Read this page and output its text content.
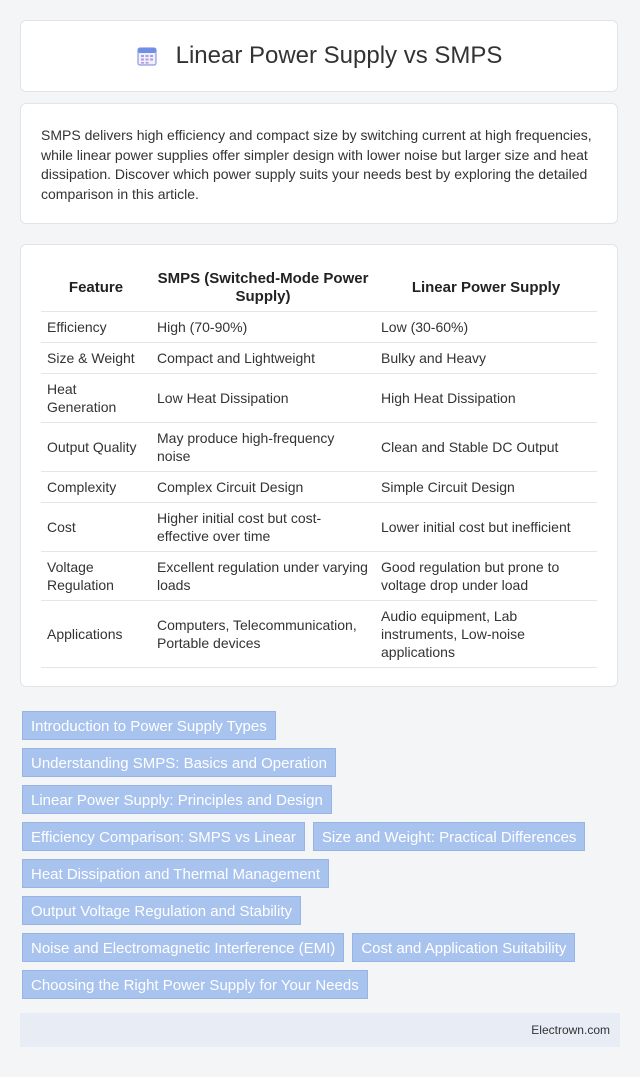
Linear Power Supply vs SMPS
SMPS delivers high efficiency and compact size by switching current at high frequencies, while linear power supplies offer simpler design with lower noise but larger size and heat dissipation. Discover which power supply suits your needs best by exploring the detailed comparison in this article.
Feature	SMPS (Switched-Mode Power Supply)	Linear Power Supply
Efficiency	High (70-90%)	Low (30-60%)
Size & Weight	Compact and Lightweight	Bulky and Heavy
Heat Generation	Low Heat Dissipation	High Heat Dissipation
Output Quality	May produce high-frequency noise	Clean and Stable DC Output
Complexity	Complex Circuit Design	Simple Circuit Design
Cost	Higher initial cost but cost-effective over time	Lower initial cost but inefficient
Voltage Regulation	Excellent regulation under varying loads	Good regulation but prone to voltage drop under load
Applications	Computers, Telecommunication, Portable devices	Audio equipment, Lab instruments, Low-noise applications
Introduction to Power Supply Types
Understanding SMPS: Basics and Operation
Linear Power Supply: Principles and Design
Efficiency Comparison: SMPS vs Linear	Size and Weight: Practical Differences
Heat Dissipation and Thermal Management
Output Voltage Regulation and Stability
Noise and Electromagnetic Interference (EMI)	Cost and Application Suitability
Choosing the Right Power Supply for Your Needs
Electrown.com
